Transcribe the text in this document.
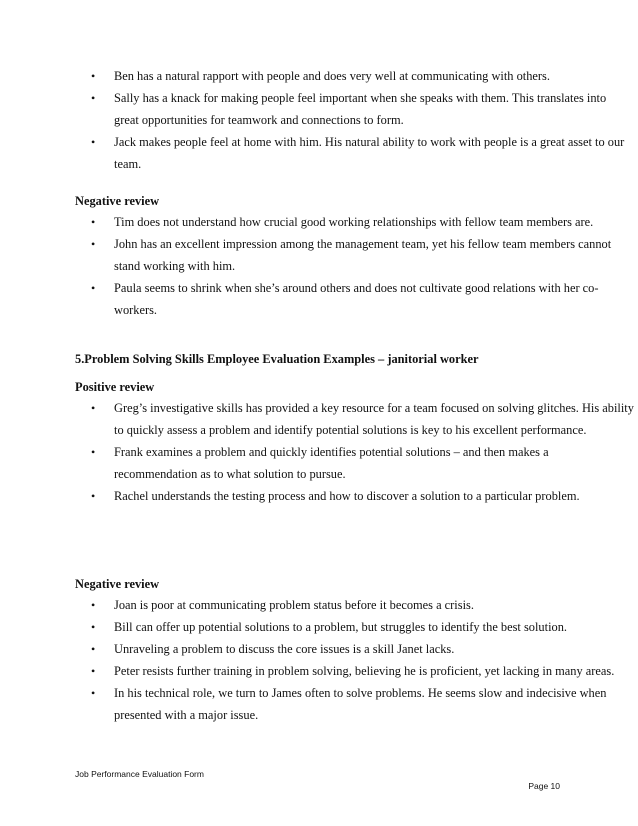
• Ben has a natural rapport with people and does very well at communicating with others.
• Sally has a knack for making people feel important when she speaks with them. This translates into great opportunities for teamwork and connections to form.
• Jack makes people feel at home with him. His natural ability to work with people is a great asset to our team.
Negative review
• Tim does not understand how crucial good working relationships with fellow team members are.
• John has an excellent impression among the management team, yet his fellow team members cannot stand working with him.
• Paula seems to shrink when she’s around others and does not cultivate good relations with her co-workers.
5.Problem Solving Skills Employee Evaluation Examples – janitorial worker
Positive review
• Greg’s investigative skills has provided a key resource for a team focused on solving glitches. His ability to quickly assess a problem and identify potential solutions is key to his excellent performance.
• Frank examines a problem and quickly identifies potential solutions – and then makes a recommendation as to what solution to pursue.
• Rachel understands the testing process and how to discover a solution to a particular problem.
Negative review
• Joan is poor at communicating problem status before it becomes a crisis.
• Bill can offer up potential solutions to a problem, but struggles to identify the best solution.
• Unraveling a problem to discuss the core issues is a skill Janet lacks.
• Peter resists further training in problem solving, believing he is proficient, yet lacking in many areas.
• In his technical role, we turn to James often to solve problems. He seems slow and indecisive when presented with a major issue.
Job Performance Evaluation Form
Page 10
